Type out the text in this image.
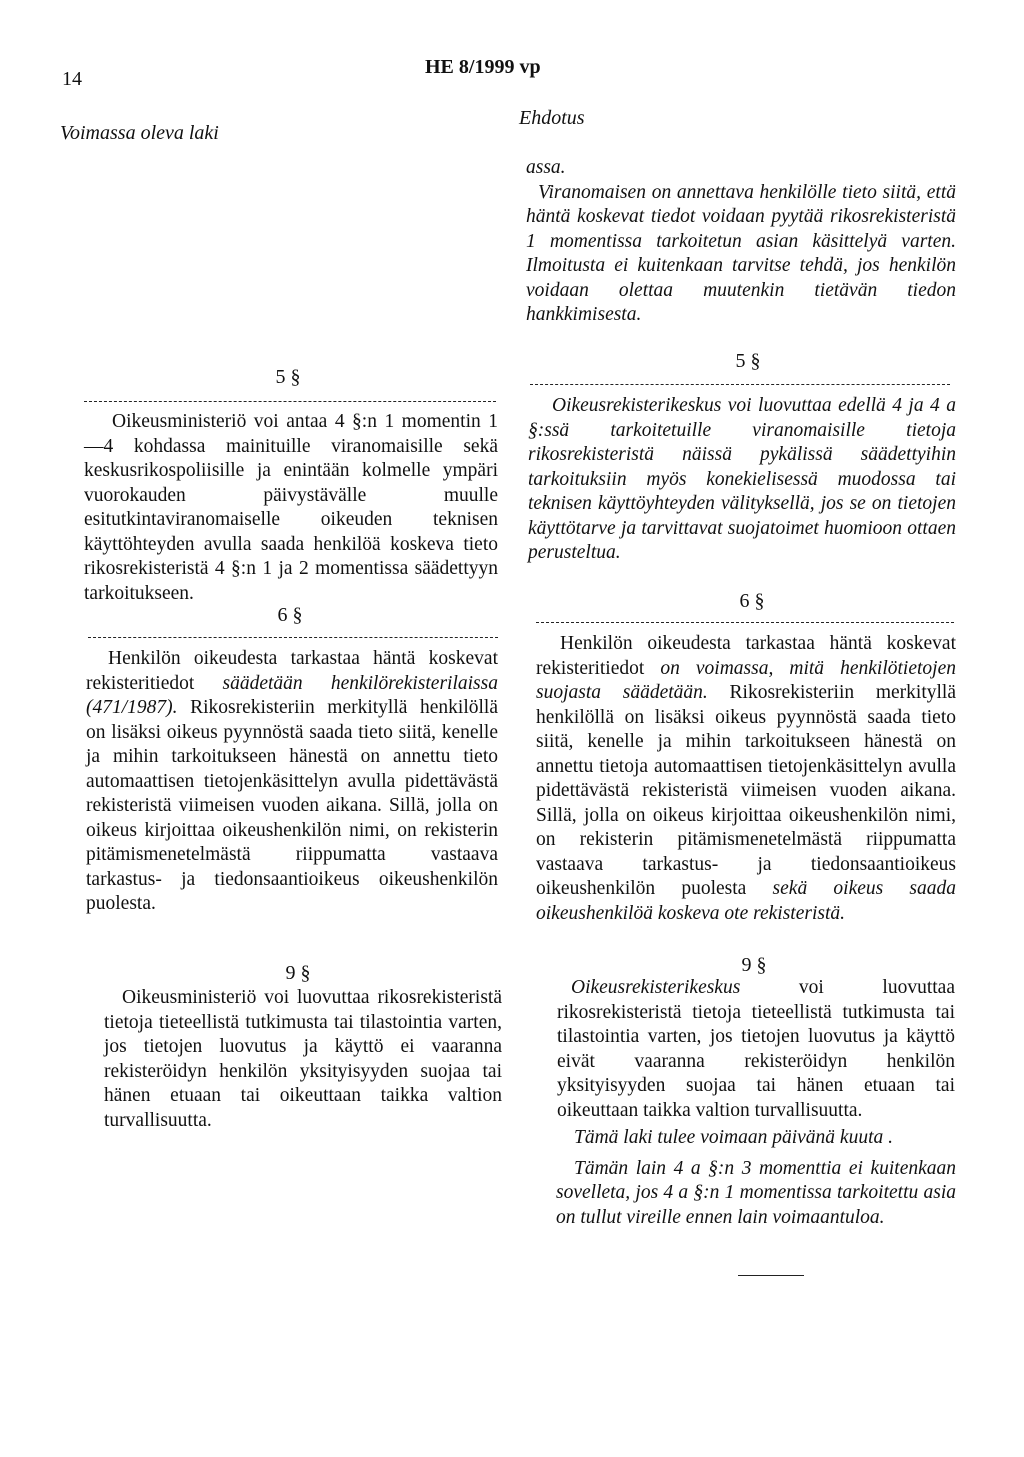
14
HE 8/1999 vp
Voimassa oleva laki
Ehdotus
5 §

Oikeusministeriö voi antaa 4 §:n 1 momentin 1—4 kohdassa mainituille viranomaisille sekä keskusrikospoliisille ja enintään kolmelle ympäri vuorokauden päivystävälle muulle esitutkintaviranomaiselle oikeuden teknisen käyttöhteyden avulla saada henkilöä koskeva tieto rikosrekisteristä 4 §:n 1 ja 2 momentissa säädettyyn tarkoitukseen.

6 §

Henkilön oikeudesta tarkastaa häntä koskevat rekisteritiedot säädetään henkilörekisterilaissa (471/1987). Rikosrekisteriin merkityllä henkilöllä on lisäksi oikeus pyynnöstä saada tieto siitä, kenelle ja mihin tarkoitukseen hänestä on annettu tieto automaattisen tietojenkäsittelyn avulla pidettävästä rekisteristä viimeisen vuoden aikana. Sillä, jolla on oikeus kirjoittaa oikeushenkilön nimi, on rekisterin pitämismenetelmästä riippumatta vastaava tarkastus- ja tiedonsaantioikeus oikeushenkilön puolesta.

9 §

Oikeusministeriö voi luovuttaa rikosrekisteristä tietoja tieteellistä tutkimusta tai tilastointia varten, jos tietojen luovutus ja käyttö ei vaaranna rekisteröidyn henkilön yksityisyyden suojaa tai hänen etuaan tai oikeuttaan taikka valtion turvallisuutta.

assa.

Viranomaisen on annettava henkilölle tieto siitä, että häntä koskevat tiedot voidaan pyytää rikosrekisteristä 1 momentissa tarkoitetun asian käsittelyä varten. Ilmoitusta ei kuitenkaan tarvitse tehdä, jos henkilön voidaan olettaa muutenkin tietävän tiedon hankkimisesta.

5 §

Oikeusrekisterikeskus voi luovuttaa edellä 4 ja 4 a §:ssä tarkoitetuille viranomaisille tietoja rikosrekisteristä näissä pykälissä säädettyihin tarkoituksiin myös konekielisessä muodossa tai teknisen käyttöyhteyden välityksellä, jos se on tietojen käyttötarve ja tarvittavat suojatoimet huomioon ottaen perusteltua.

6 §

Henkilön oikeudesta tarkastaa häntä koskevat rekisteritiedot on voimassa, mitä henkilötietojen suojasta säädetään. Rikosrekisteriin merkityllä henkilöllä on lisäksi oikeus pyynnöstä saada tieto siitä, kenelle ja mihin tarkoitukseen hänestä on annettu tietoja automaattisen tietojenkäsittelyn avulla pidettävästä rekisteristä viimeisen vuoden aikana. Sillä, jolla on oikeus kirjoittaa oikeushenkilön nimi, on rekisterin pitämismenetelmästä riippumatta vastaava tarkastus- ja tiedonsaantioikeus oikeushenkilön puolesta sekä oikeus saada oikeushenkilöä koskeva ote rekisteristä.

9 §

Oikeusrekisterikeskus voi luovuttaa rikosrekisteristä tietoja tieteellistä tutkimusta tai tilastointia varten, jos tietojen luovutus ja käyttö eivät vaaranna rekisteröidyn henkilön yksityisyyden suojaa tai hänen etuaan tai oikeuttaan taikka valtion turvallisuutta.

Tämä laki tulee voimaan päivänä kuuta .

Tämän lain 4 a §:n 3 momenttia ei kuitenkaan sovelleta, jos 4 a §:n 1 momentissa tarkoitettu asia on tullut vireille ennen lain voimaantuloa.
